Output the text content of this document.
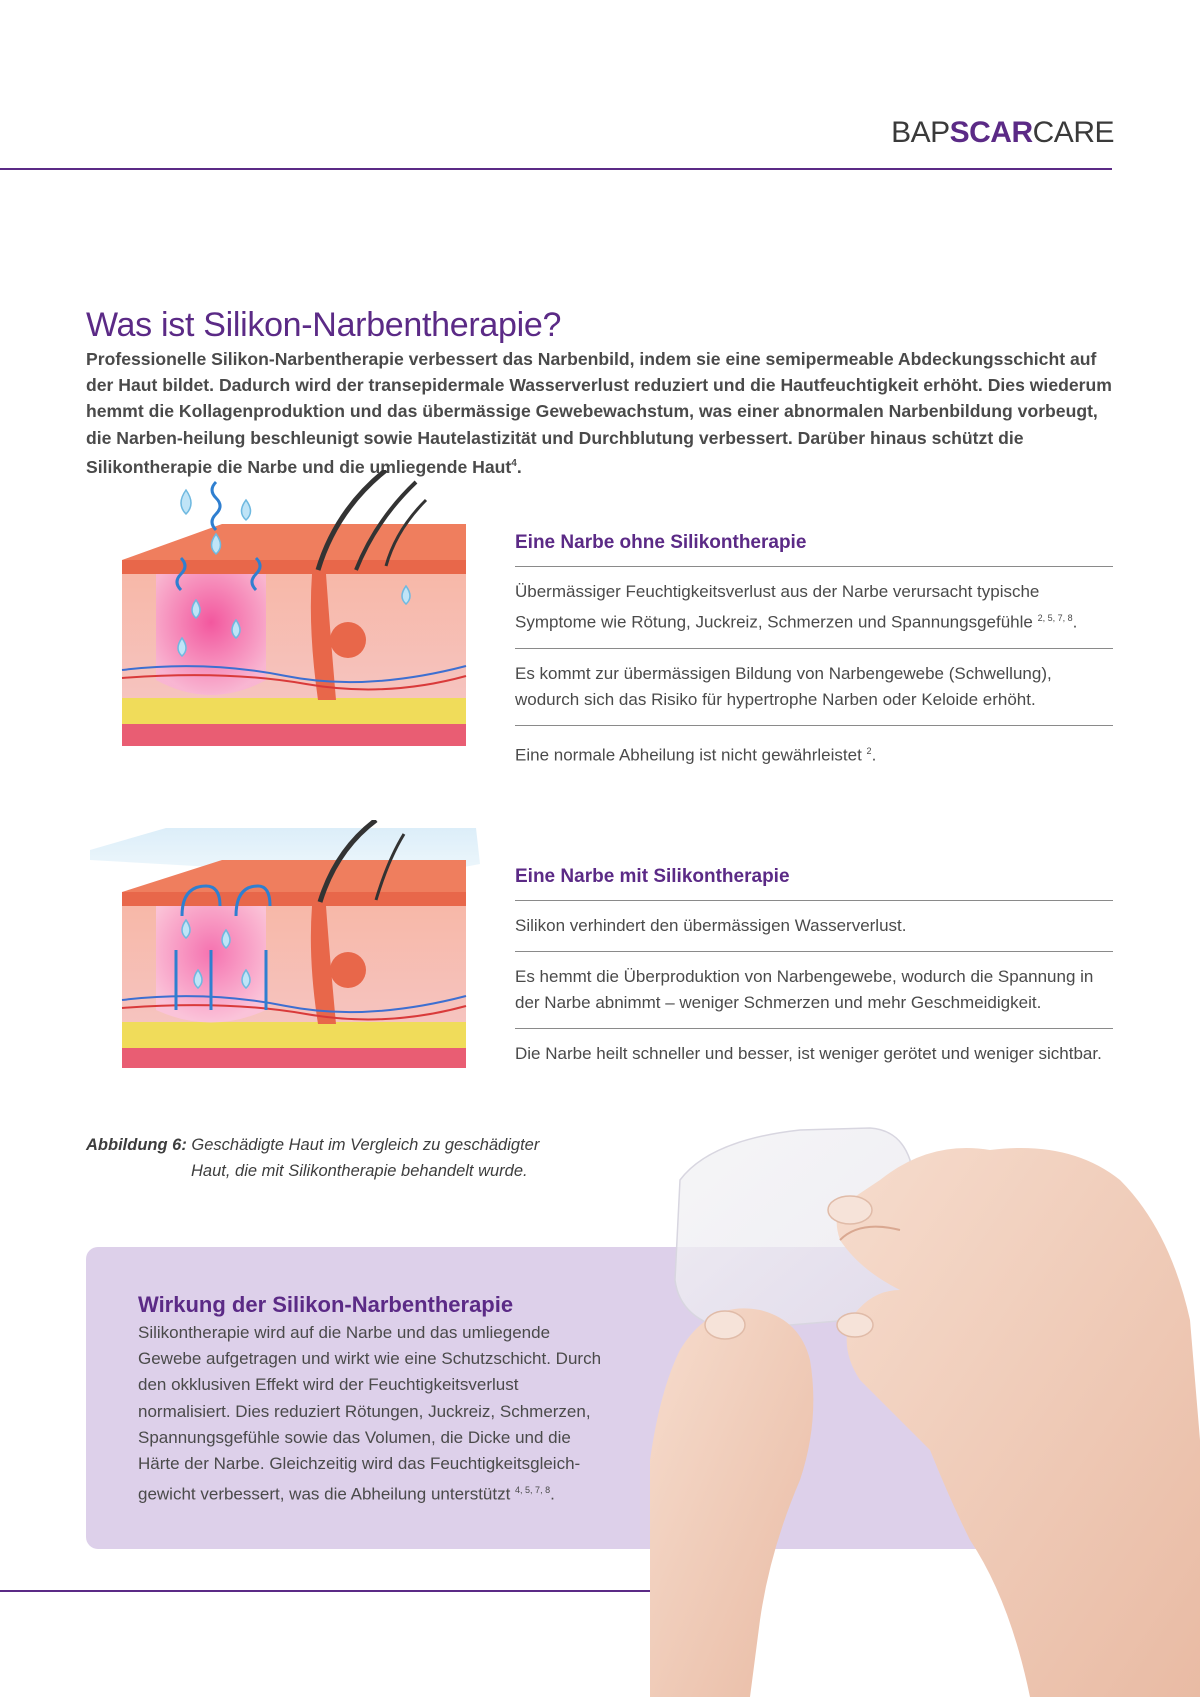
BAPSCARCARE
Was ist Silikon-Narbentherapie?

Professionelle Silikon-Narbentherapie verbessert das Narbenbild, indem sie eine semipermeable Abdeckungsschicht auf der Haut bildet. Dadurch wird der transepidermale Wasserverlust reduziert und die Hautfeuchtigkeit erhöht. Dies wiederum hemmt die Kollagenproduktion und das übermässige Gewebewachstum, was einer abnormalen Narbenbildung vorbeugt, die Narben-heilung beschleunigt sowie Hautelastizität und Durchblutung verbessert. Darüber hinaus schützt die Silikontherapie die Narbe und die umliegende Haut$^4$.

Eine Narbe ohne Silikontherapie
Übermässiger Feuchtigkeitsverlust aus der Narbe verursacht typische Symptome wie Rötung, Juckreiz, Schmerzen und Spannungsgefühle $^{2, 5, 7, 8}$.
Es kommt zur übermässigen Bildung von Narbengewebe (Schwellung), wodurch sich das Risiko für hypertrophe Narben oder Keloide erhöht.
Eine normale Abheilung ist nicht gewährleistet $^2$.
Eine Narbe mit Silikontherapie
Silikon verhindert den übermässigen Wasserverlust.
Es hemmt die Überproduktion von Narbengewebe, wodurch die Spannung in der Narbe abnimmt – weniger Schmerzen und mehr Geschmeidigkeit.
Die Narbe heilt schneller und besser, ist weniger gerötet und weniger sichtbar.
Abbildung 6: Geschädigte Haut im Vergleich zu geschädigter
Haut, die mit Silikontherapie behandelt wurde.
Wirkung der Silikon-Narbentherapie

Silikontherapie wird auf die Narbe und das umliegende Gewebe aufgetragen und wirkt wie eine Schutzschicht. Durch den okklusiven Effekt wird der Feuchtigkeitsverlust normalisiert. Dies reduziert Rötungen, Juckreiz, Schmerzen, Spannungsgefühle sowie das Volumen, die Dicke und die Härte der Narbe. Gleichzeitig wird das Feuchtigkeitsgleich-gewicht verbessert, was die Abheilung unterstützt $^{4, 5, 7, 8}$.
